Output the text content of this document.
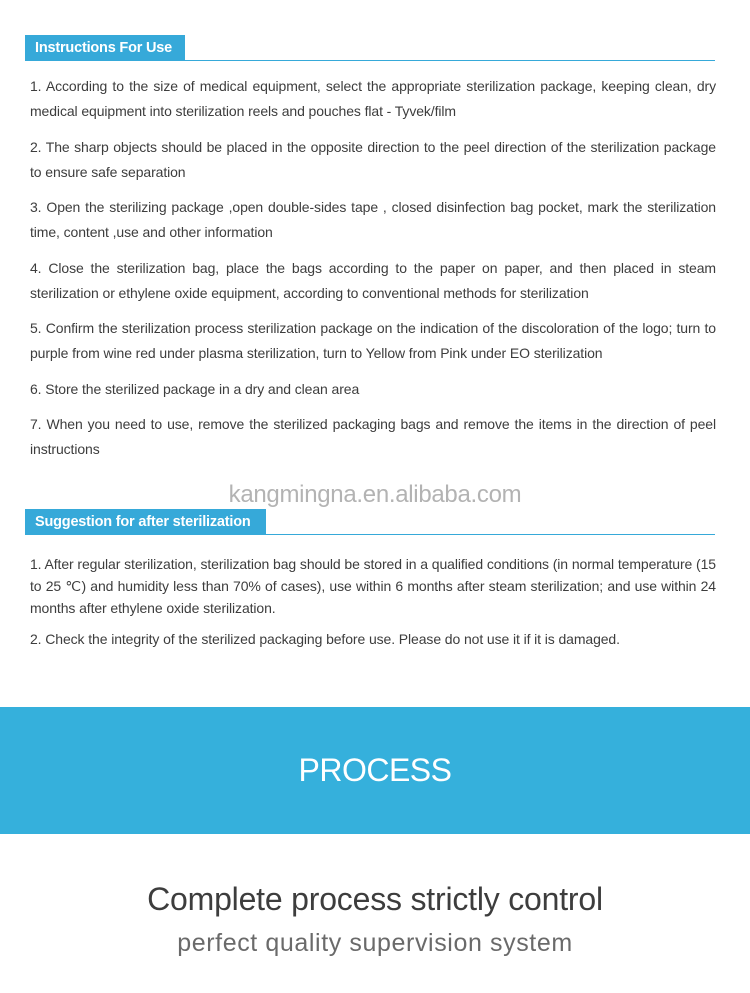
Instructions For Use
1. According to the size of medical equipment, select the appropriate sterilization package, keeping clean, dry medical equipment into sterilization reels and pouches flat - Tyvek/film
2. The sharp objects should be placed in the opposite direction to the peel direction of the sterilization package to ensure safe separation
3. Open the sterilizing package ,open double-sides tape , closed disinfection bag pocket, mark the sterilization time, content ,use and other information
4. Close the sterilization bag, place the bags according to the paper on paper, and then placed in steam sterilization or ethylene oxide equipment, according to conventional methods for sterilization
5. Confirm the sterilization process sterilization package on the indication of the discoloration of the logo; turn to purple from wine red under plasma sterilization, turn to Yellow from Pink under EO sterilization
6. Store the sterilized package in a dry and clean area
7. When you need to use, remove the sterilized packaging bags and remove the items in the direction of peel instructions
kangmingna.en.alibaba.com
Suggestion for after sterilization
1. After regular sterilization, sterilization bag should be stored in a qualified conditions (in normal temperature (15 to 25 ℃) and humidity less than 70% of cases), use within 6 months after steam sterilization; and use within 24 months after ethylene oxide sterilization.
2. Check the integrity of the sterilized packaging before use. Please do not use it if it is damaged.
PROCESS
Complete process strictly control
perfect quality supervision system
